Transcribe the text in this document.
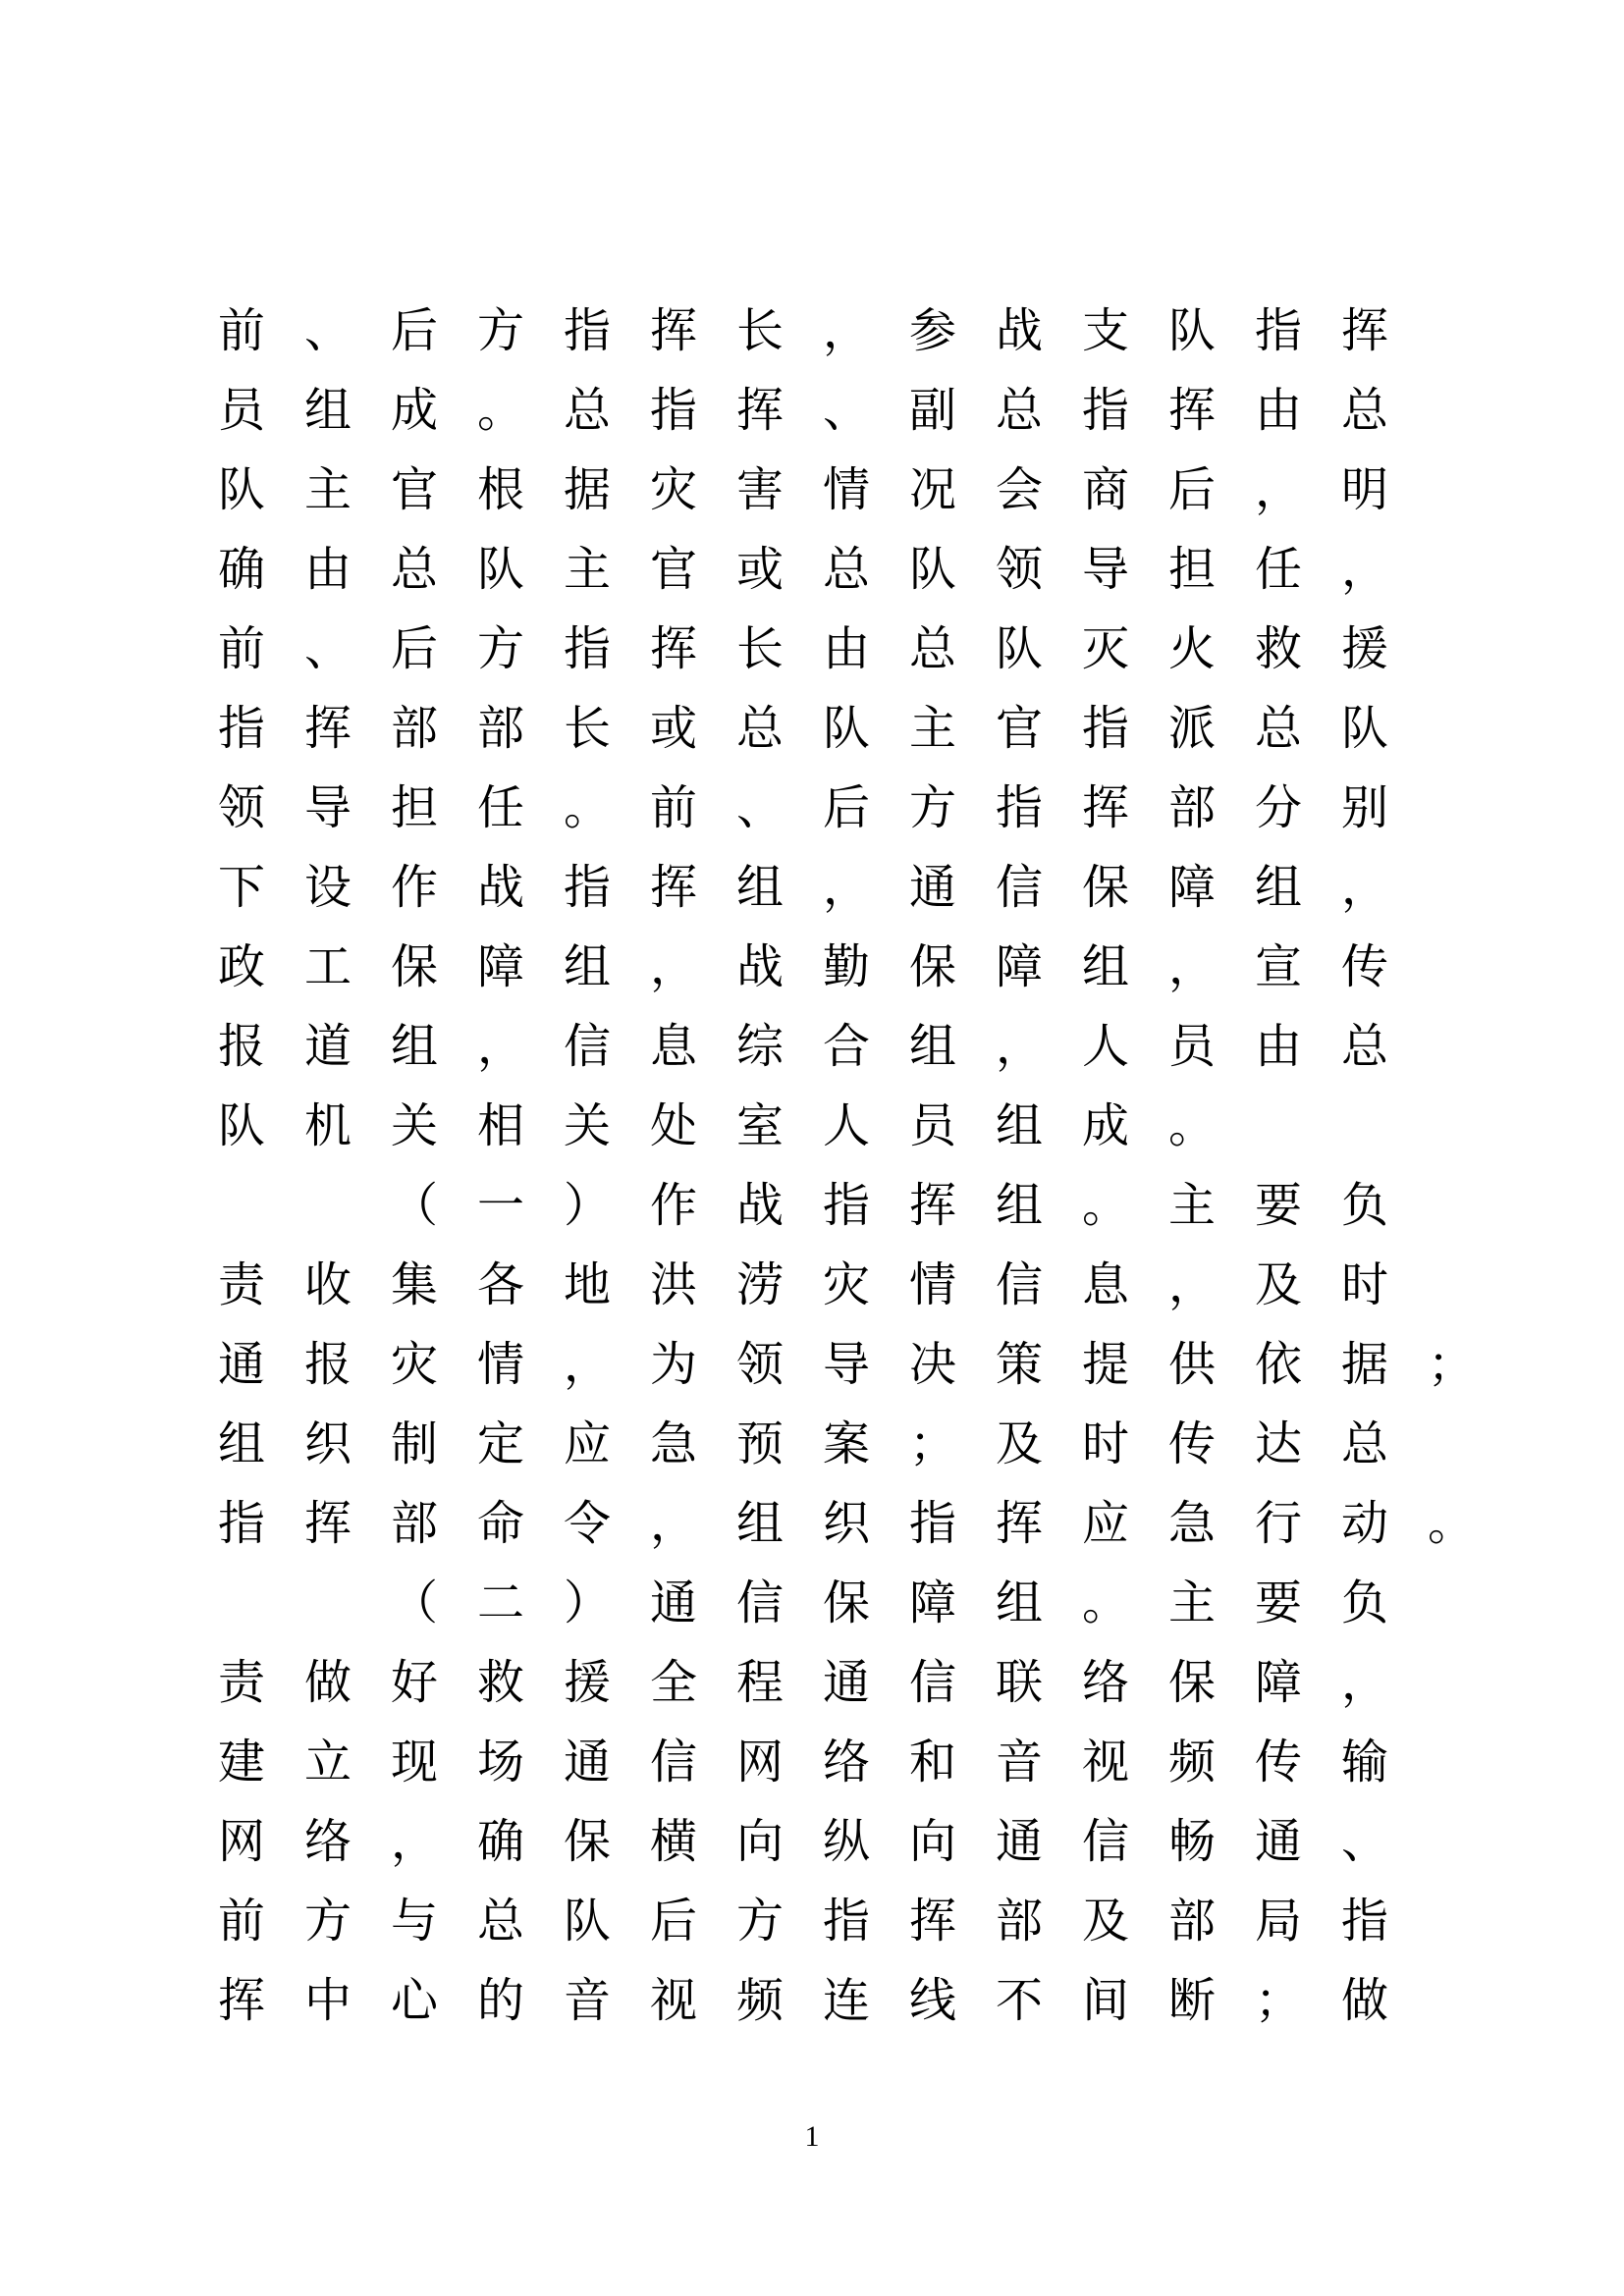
前、后方指挥长，参战支队指挥
员组成。总指挥、副总指挥由总
队主官根据灾害情况会商后，明
确由总队主官或总队领导担任，
前、后方指挥长由总队灭火救援
指挥部部长或总队主官指派总队
领导担任。前、后方指挥部分别
下设作战指挥组，通信保障组，
政工保障组，战勤保障组，宣传
报道组，信息综合组，人员由总
队机关相关处室人员组成。
（一）作战指挥组。主要负
责收集各地洪涝灾情信息，及时
通报灾情，为领导决策提供依据；
组织制定应急预案；及时传达总
指挥部命令，组织指挥应急行动。
（二）通信保障组。主要负
责做好救援全程通信联络保障，
建立现场通信网络和音视频传输
网络，确保横向纵向通信畅通、
前方与总队后方指挥部及部局指
挥中心的音视频连线不间断；做
1
